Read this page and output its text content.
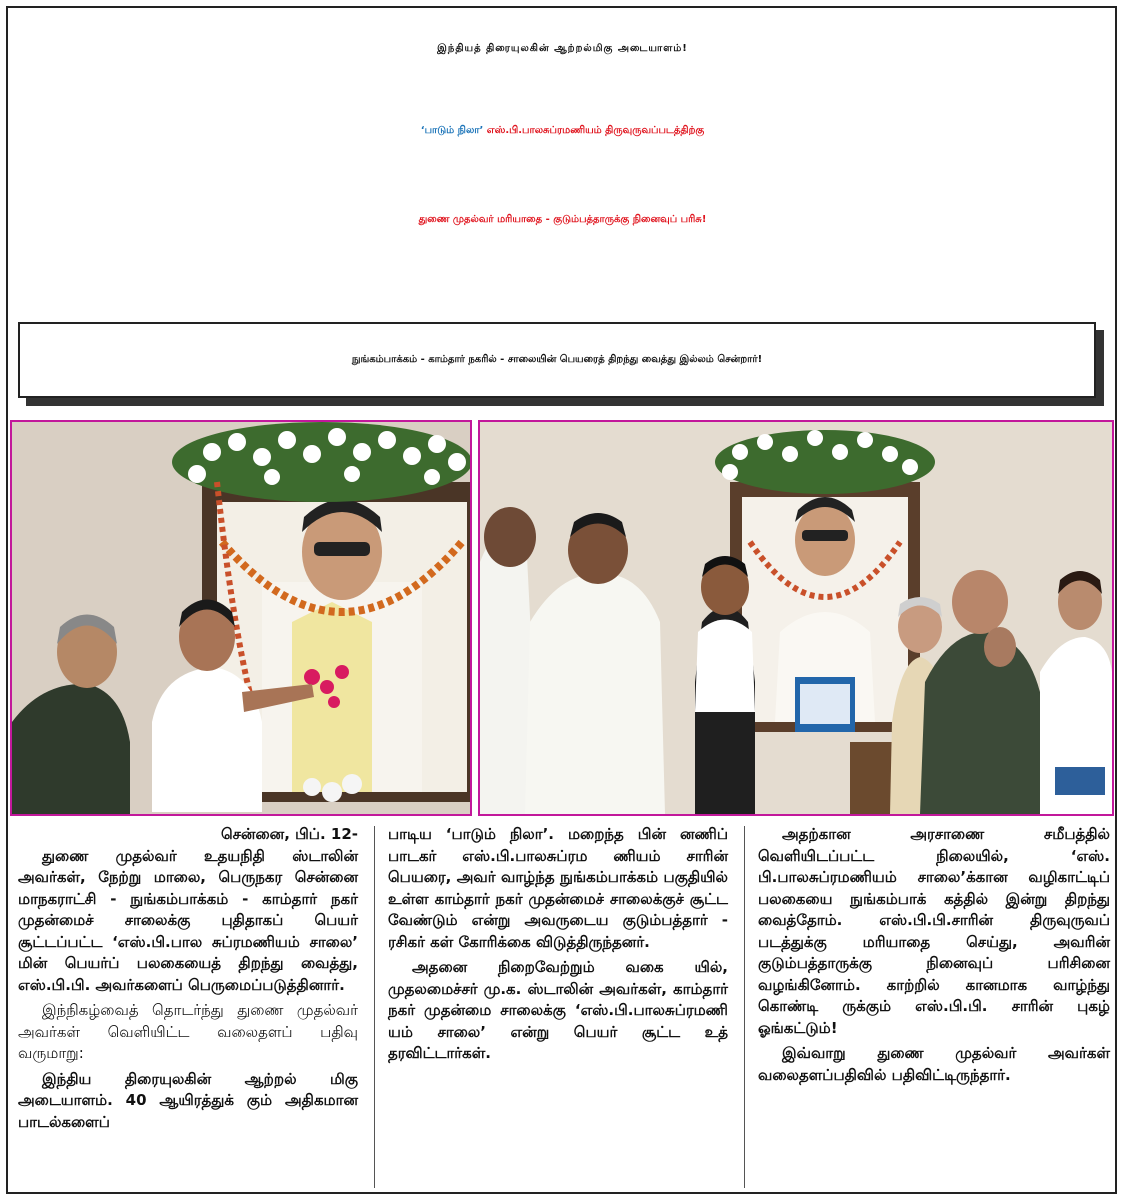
இந்தியத் திரையுலகின் ஆற்றல்மிகு அடையாளம்!
‘பாடும் நிலா’ எஸ்.பி.பாலசுப்ரமணியம் திருவுருவப்படத்திற்கு
துணை முதல்வர் மரியாதை - குடும்பத்தாருக்கு நினைவுப் பரிசு!
நுங்கம்பாக்கம் - காம்தார் நகரில் - சாலையின் பெயரைத் திறந்து வைத்து இல்லம் சென்றார்!
சென்னை, பிப். 12-

துணை முதல்வர் உதயநிதி ஸ்டாலின் அவர்கள், நேற்று மாலை, பெருநகர சென்னை மாநகராட்சி - நுங்கம்பாக்கம் - காம்தார் நகர் முதன்மைச் சாலைக்கு புதிதாகப் பெயர் சூட்டப்பட்ட ‘எஸ்.பி.பால சுப்ரமணியம் சாலை’ மின் பெயர்ப் பலகையைத் திறந்து வைத்து, எஸ்.பி.பி. அவர்களைப் பெருமைப்படுத்தினார்.

இந்நிகழ்வைத் தொடர்ந்து துணை முதல்வர் அவர்கள் வெளியிட்ட வலைதளப் பதிவு வருமாறு:

இந்திய திரையுலகின் ஆற்றல் மிகு அடையாளம். 40 ஆயிரத்துக் கும் அதிகமான பாடல்களைப்

பாடிய ‘பாடும் நிலா’. மறைந்த பின் னணிப் பாடகர் எஸ்.பி.பாலசுப்ரம ணியம் சாரின் பெயரை, அவர் வாழ்ந்த நுங்கம்பாக்கம் பகுதியில் உள்ள காம்தார் நகர் முதன்மைச் சாலைக்குச் சூட்ட வேண்டும் என்று அவருடைய குடும்பத்தார் - ரசிகர் கள் கோரிக்கை விடுத்திருந்தனர்.

அதனை நிறைவேற்றும் வகை யில், முதலமைச்சர் மு.க. ஸ்டாலின் அவர்கள், காம்தார் நகர் முதன்மை சாலைக்கு ‘எஸ்.பி.பாலசுப்ரமணி யம் சாலை’ என்று பெயர் சூட்ட உத் தரவிட்டார்கள்.

அதற்கான அரசாணை சமீபத்தில் வெளியிடப்பட்ட நிலையில், ‘எஸ். பி.பாலசுப்ரமணியம் சாலை’க்கான வழிகாட்டிப் பலகையை நுங்கம்பாக் கத்தில் இன்று திறந்து வைத்தோம். எஸ்.பி.பி.சாரின் திருவுருவப் படத்துக்கு மரியாதை செய்து, அவரின் குடும்பத்தாருக்கு நினைவுப் பரிசினை வழங்கினோம். காற்றில் கானமாக வாழ்ந்து கொண்டி ருக்கும் எஸ்.பி.பி. சாரின் புகழ் ஓங்கட்டும்!

இவ்வாறு துணை முதல்வர் அவர்கள் வலைதளப்பதிவில் பதிவிட்டிருந்தார்.
